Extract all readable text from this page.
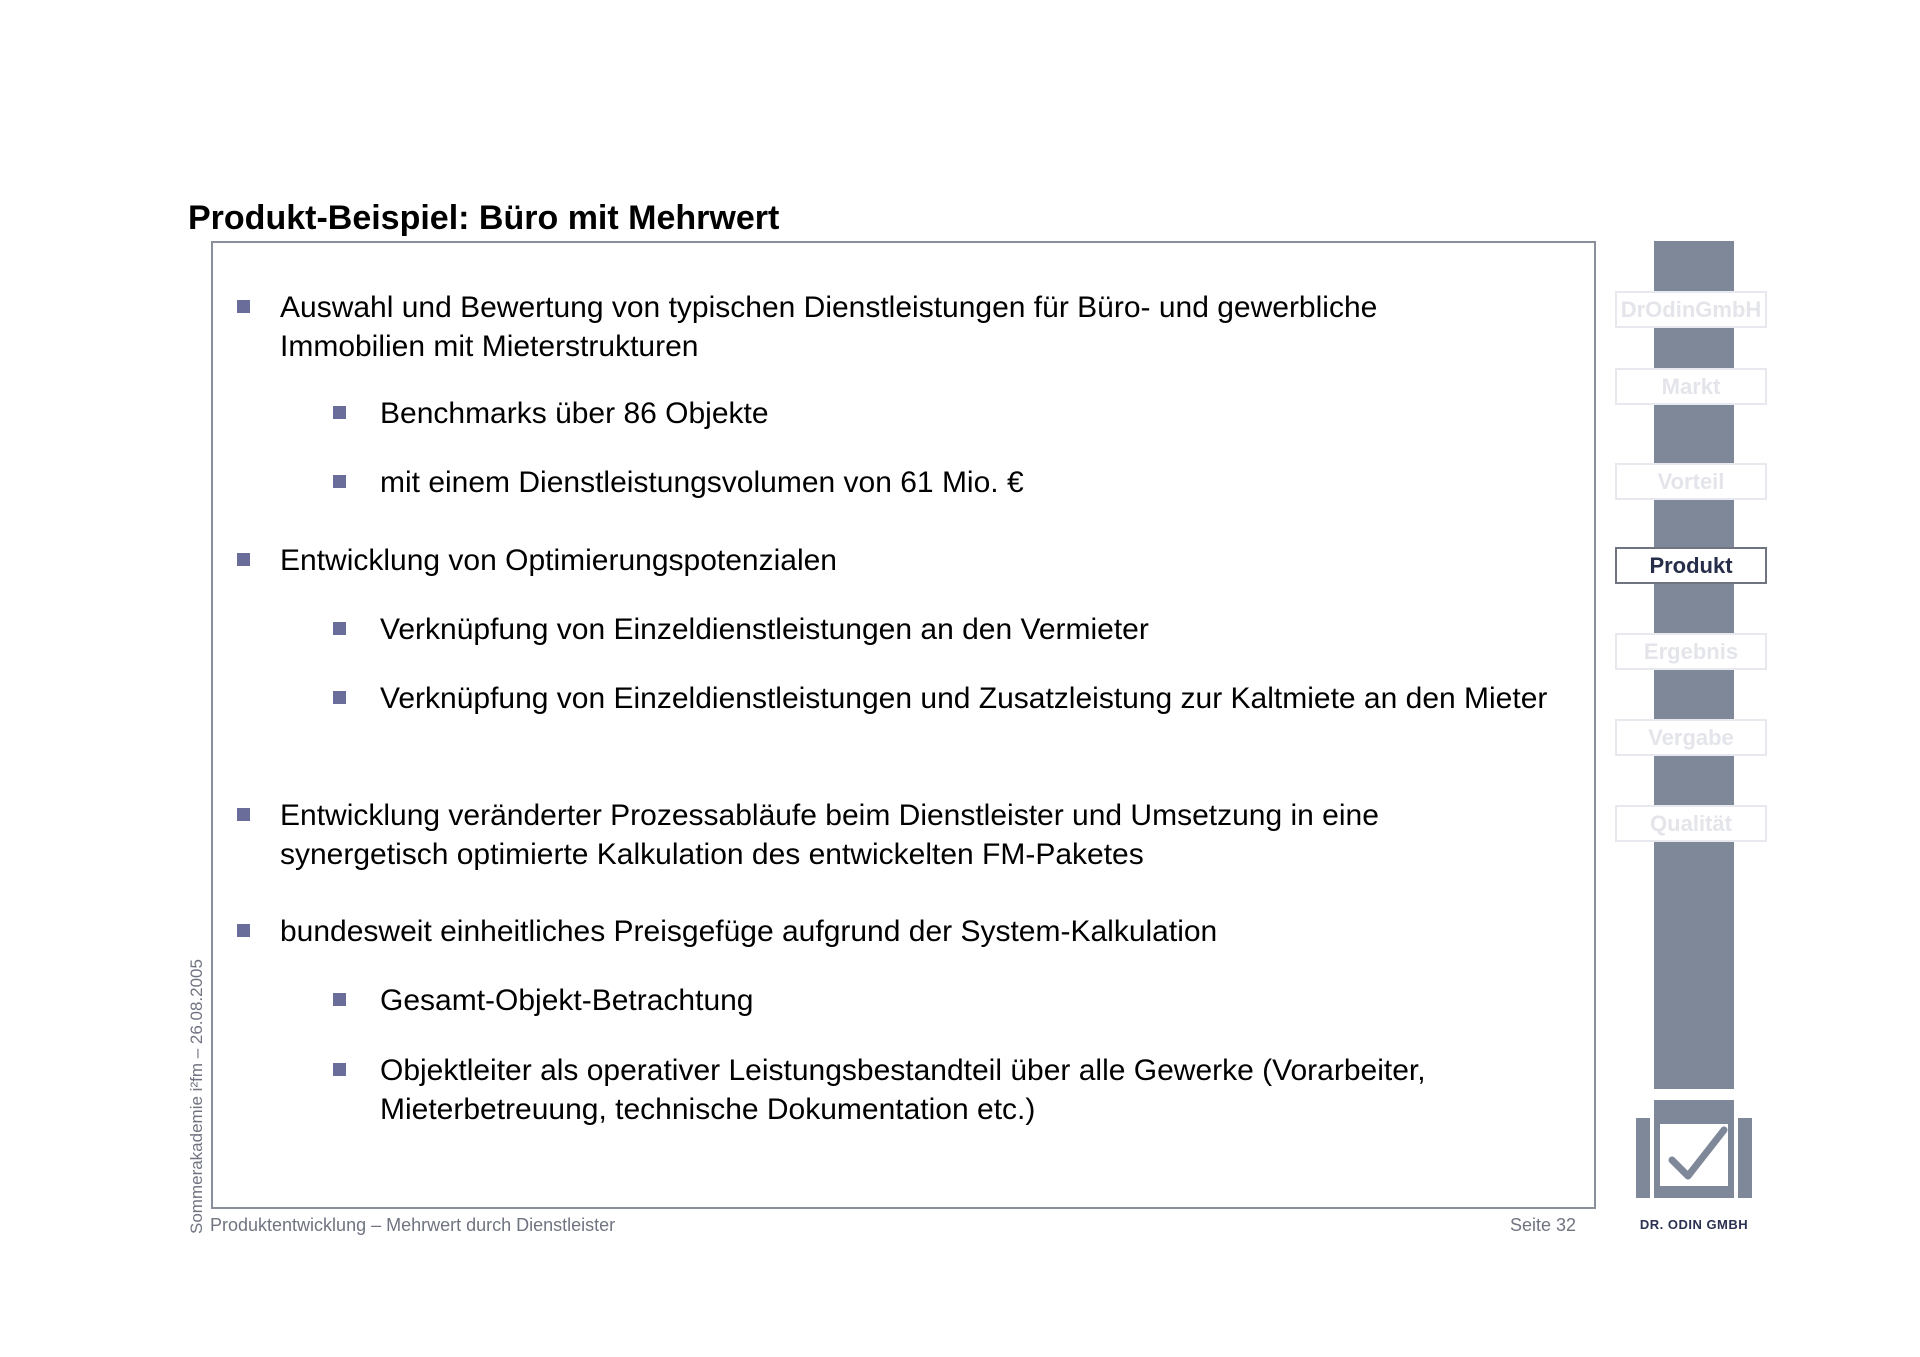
Produkt-Beispiel: Büro mit Mehrwert
Auswahl und Bewertung von typischen Dienstleistungen für Büro- und gewerbliche Immobilien mit Mieterstrukturen
Benchmarks über 86 Objekte
mit einem Dienstleistungsvolumen von 61 Mio. €
Entwicklung von Optimierungspotenzialen
Verknüpfung von Einzeldienstleistungen an den Vermieter
Verknüpfung von Einzeldienstleistungen und Zusatzleistung zur Kaltmiete an den Mieter
Entwicklung veränderter Prozessabläufe beim Dienstleister und Umsetzung in eine synergetisch optimierte Kalkulation des entwickelten FM-Paketes
bundesweit einheitliches Preisgefüge aufgrund der System-Kalkulation
Gesamt-Objekt-Betrachtung
Objektleiter als operativer Leistungsbestandteil über alle Gewerke (Vorarbeiter, Mieterbetreuung, technische Dokumentation etc.)
Produktentwicklung – Mehrwert durch Dienstleister	Seite 32
Sommerakademie i²fm – 26.08.2005
DrOdinGmbH
Markt
Vorteil
Produkt
Ergebnis
Vergabe
Qualität
DR. ODIN GMBH
